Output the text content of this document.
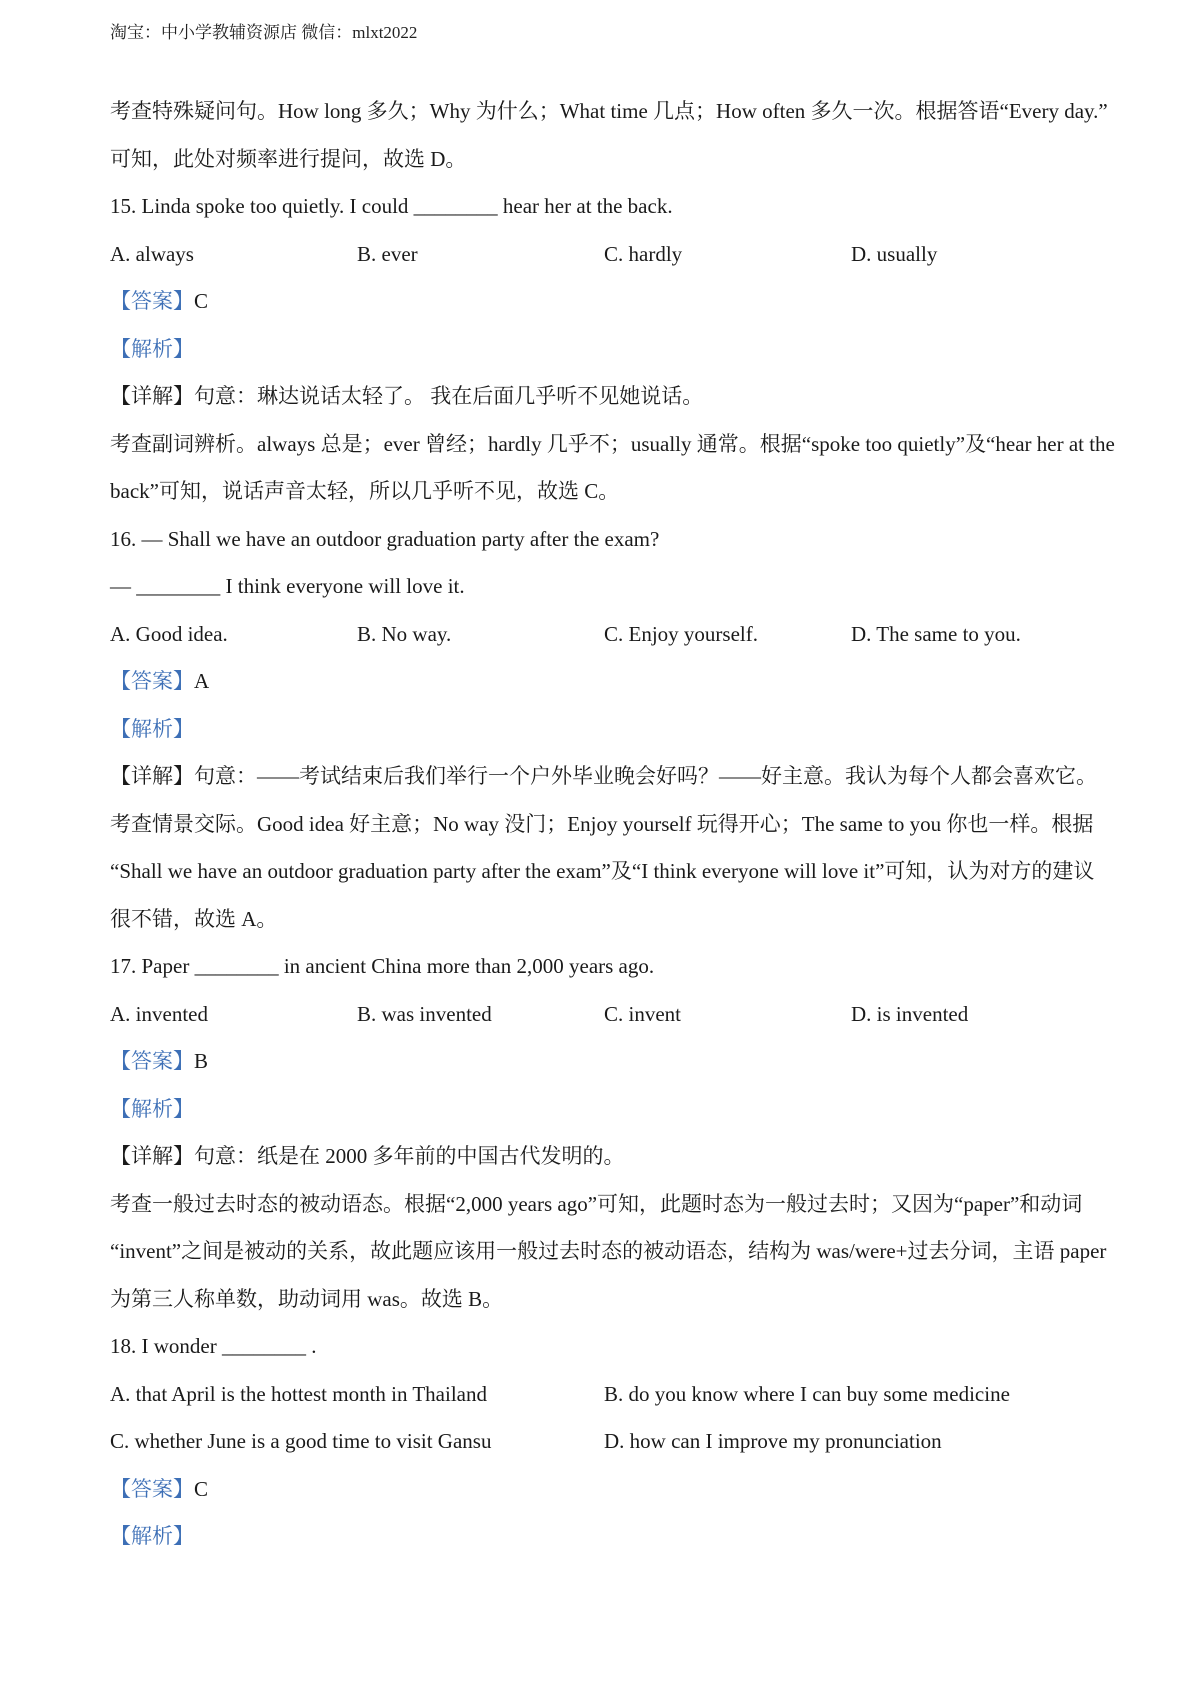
淘宝：中小学教辅资源店 微信：mlxt2022
考查特殊疑问句。How long 多久；Why 为什么；What time 几点；How often 多久一次。根据答语“Every day.”
可知，此处对频率进行提问，故选 D。
15. Linda spoke too quietly. I could ________ hear her at the back.
A. always	B. ever	C. hardly	D. usually
【答案】C
【解析】
【详解】句意：琳达说话太轻了。 我在后面几乎听不见她说话。
考查副词辨析。always 总是；ever 曾经；hardly 几乎不；usually 通常。根据“spoke too quietly”及“hear her at the
back”可知，说话声音太轻，所以几乎听不见，故选 C。
16. — Shall we have an outdoor graduation party after the exam?
— ________ I think everyone will love it.
A. Good idea.	B. No way.	C. Enjoy yourself.	D. The same to you.
【答案】A
【解析】
【详解】句意：——考试结束后我们举行一个户外毕业晚会好吗？——好主意。我认为每个人都会喜欢它。
考查情景交际。Good idea 好主意；No way 没门；Enjoy yourself 玩得开心；The same to you 你也一样。根据
“Shall we have an outdoor graduation party after the exam”及“I think everyone will love it”可知，认为对方的建议
很不错，故选 A。
17. Paper ________ in ancient China more than 2,000 years ago.
A. invented	B. was invented	C. invent	D. is invented
【答案】B
【解析】
【详解】句意：纸是在 2000 多年前的中国古代发明的。
考查一般过去时态的被动语态。根据“2,000 years ago”可知，此题时态为一般过去时；又因为“paper”和动词
“invent”之间是被动的关系，故此题应该用一般过去时态的被动语态，结构为 was/were+过去分词，主语 paper
为第三人称单数，助动词用 was。故选 B。
18. I wonder ________ .
A. that April is the hottest month in Thailand	B. do you know where I can buy some medicine
C. whether June is a good time to visit Gansu	D. how can I improve my pronunciation
【答案】C
【解析】
